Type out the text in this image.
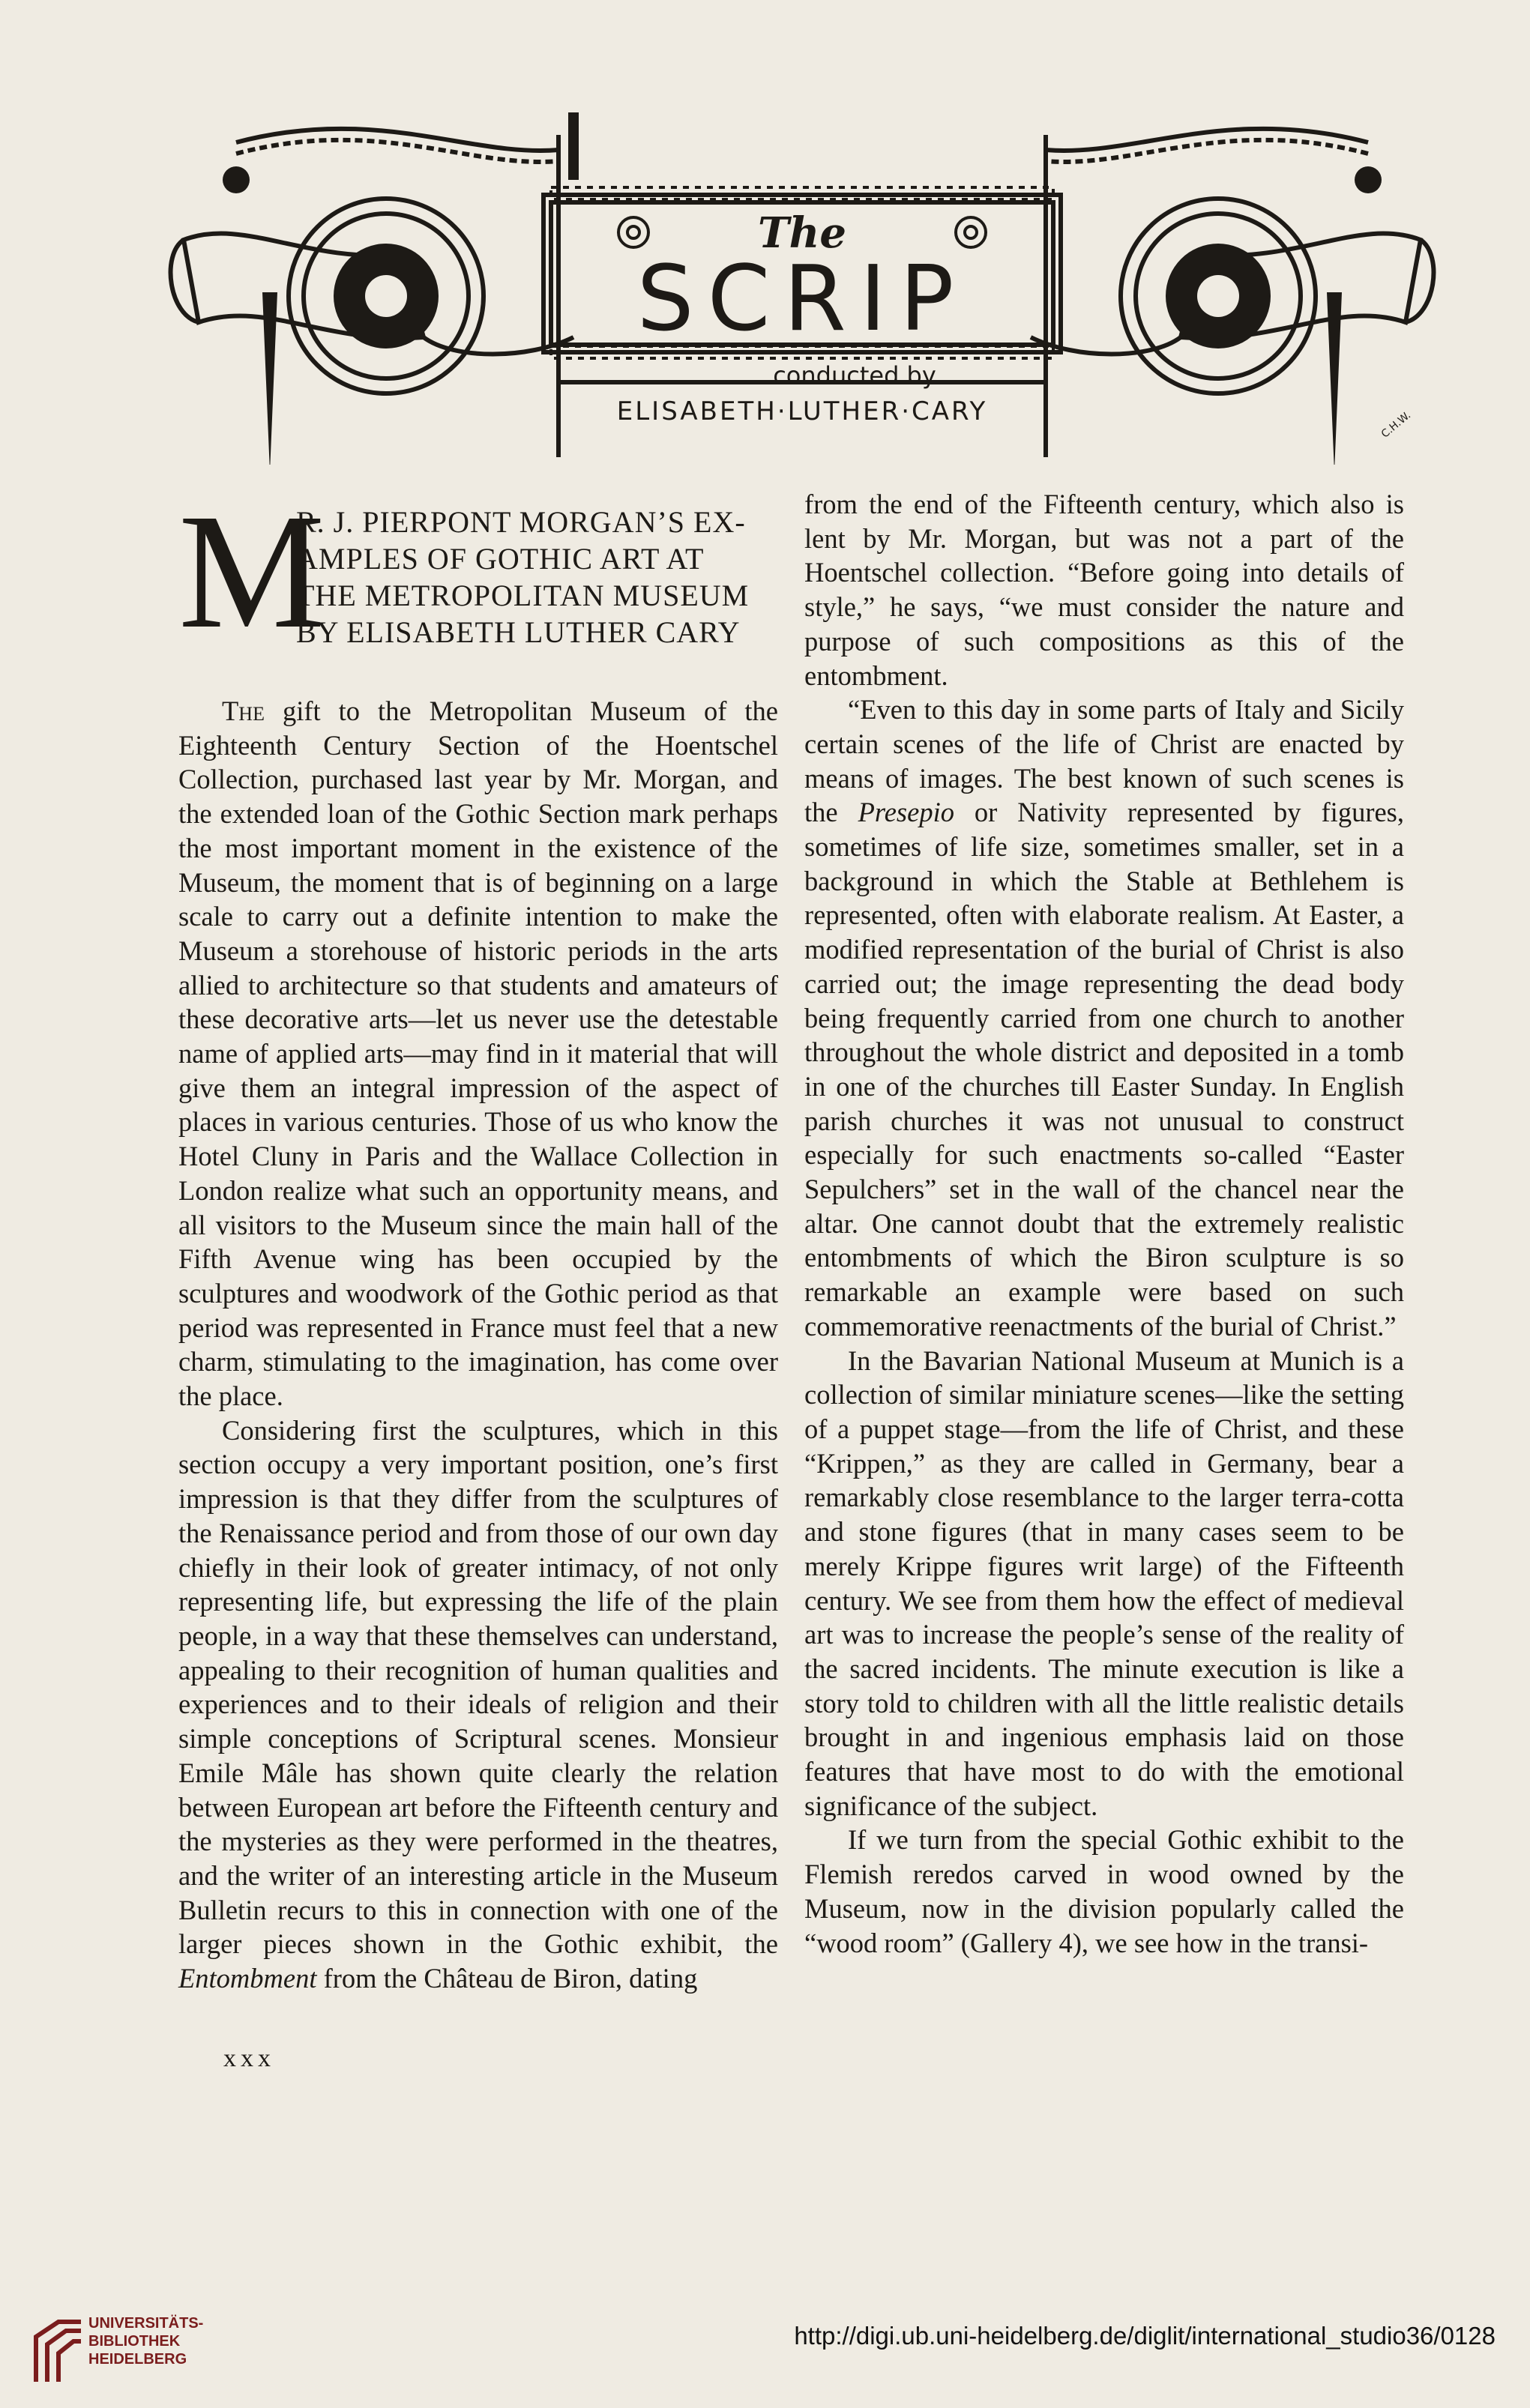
The
SCRIP
conducted by
ELISABETH·LUTHER·CARY	C.H.W.
M
R. J. PIERPONT MORGAN’S EX-
AMPLES OF GOTHIC ART AT
THE METROPOLITAN MUSEUM
BY ELISABETH LUTHER CARY

The gift to the Metropolitan Museum of the Eighteenth Century Section of the Hoentschel Collection, purchased last year by Mr. Morgan, and the extended loan of the Gothic Section mark perhaps the most important moment in the existence of the Museum, the moment that is of beginning on a large scale to carry out a definite intention to make the Museum a storehouse of historic periods in the arts allied to architecture so that students and amateurs of these decorative arts—let us never use the detestable name of applied arts—may find in it material that will give them an integral impression of the aspect of places in various centuries. Those of us who know the Hotel Cluny in Paris and the Wallace Collection in London realize what such an opportunity means, and all visitors to the Museum since the main hall of the Fifth Avenue wing has been occupied by the sculptures and woodwork of the Gothic period as that period was represented in France must feel that a new charm, stimulating to the imagination, has come over the place.

Considering first the sculptures, which in this section occupy a very important position, one’s first impression is that they differ from the sculptures of the Renaissance period and from those of our own day chiefly in their look of greater intimacy, of not only representing life, but expressing the life of the plain people, in a way that these themselves can understand, appealing to their recognition of human qualities and experiences and to their ideals of religion and their simple conceptions of Scriptural scenes. Monsieur Emile Mâle has shown quite clearly the relation between European art before the Fifteenth century and the mysteries as they were performed in the theatres, and the writer of an interesting article in the Museum Bulletin recurs to this in connection with one of the larger pieces shown in the Gothic exhibit, the Entombment from the Château de Biron, dating

from the end of the Fifteenth century, which also is lent by Mr. Morgan, but was not a part of the Hoentschel collection. “Before going into details of style,” he says, “we must consider the nature and purpose of such compositions as this of the entombment.

“Even to this day in some parts of Italy and Sicily certain scenes of the life of Christ are enacted by means of images. The best known of such scenes is the Presepio or Nativity represented by figures, sometimes of life size, sometimes smaller, set in a background in which the Stable at Bethlehem is represented, often with elaborate realism. At Easter, a modified representation of the burial of Christ is also carried out; the image representing the dead body being frequently carried from one church to another throughout the whole district and deposited in a tomb in one of the churches till Easter Sunday. In English parish churches it was not unusual to construct especially for such enactments so-called “Easter Sepulchers” set in the wall of the chancel near the altar. One cannot doubt that the extremely realistic entombments of which the Biron sculpture is so remarkable an example were based on such commemorative reenactments of the burial of Christ.”

In the Bavarian National Museum at Munich is a collection of similar miniature scenes—like the setting of a puppet stage—from the life of Christ, and these “Krippen,” as they are called in Germany, bear a remarkably close resemblance to the larger terra-cotta and stone figures (that in many cases seem to be merely Krippe figures writ large) of the Fifteenth century. We see from them how the effect of medieval art was to increase the people’s sense of the reality of the sacred incidents. The minute execution is like a story told to children with all the little realistic details brought in and ingenious emphasis laid on those features that have most to do with the emotional significance of the subject.

If we turn from the special Gothic exhibit to the Flemish reredos carved in wood owned by the Museum, now in the division popularly called the “wood room” (Gallery 4), we see how in the transi-

xxx
UNIVERSITÄTS-
BIBLIOTHEK
HEIDELBERG
http://digi.ub.uni-heidelberg.de/diglit/international_studio36/0128
